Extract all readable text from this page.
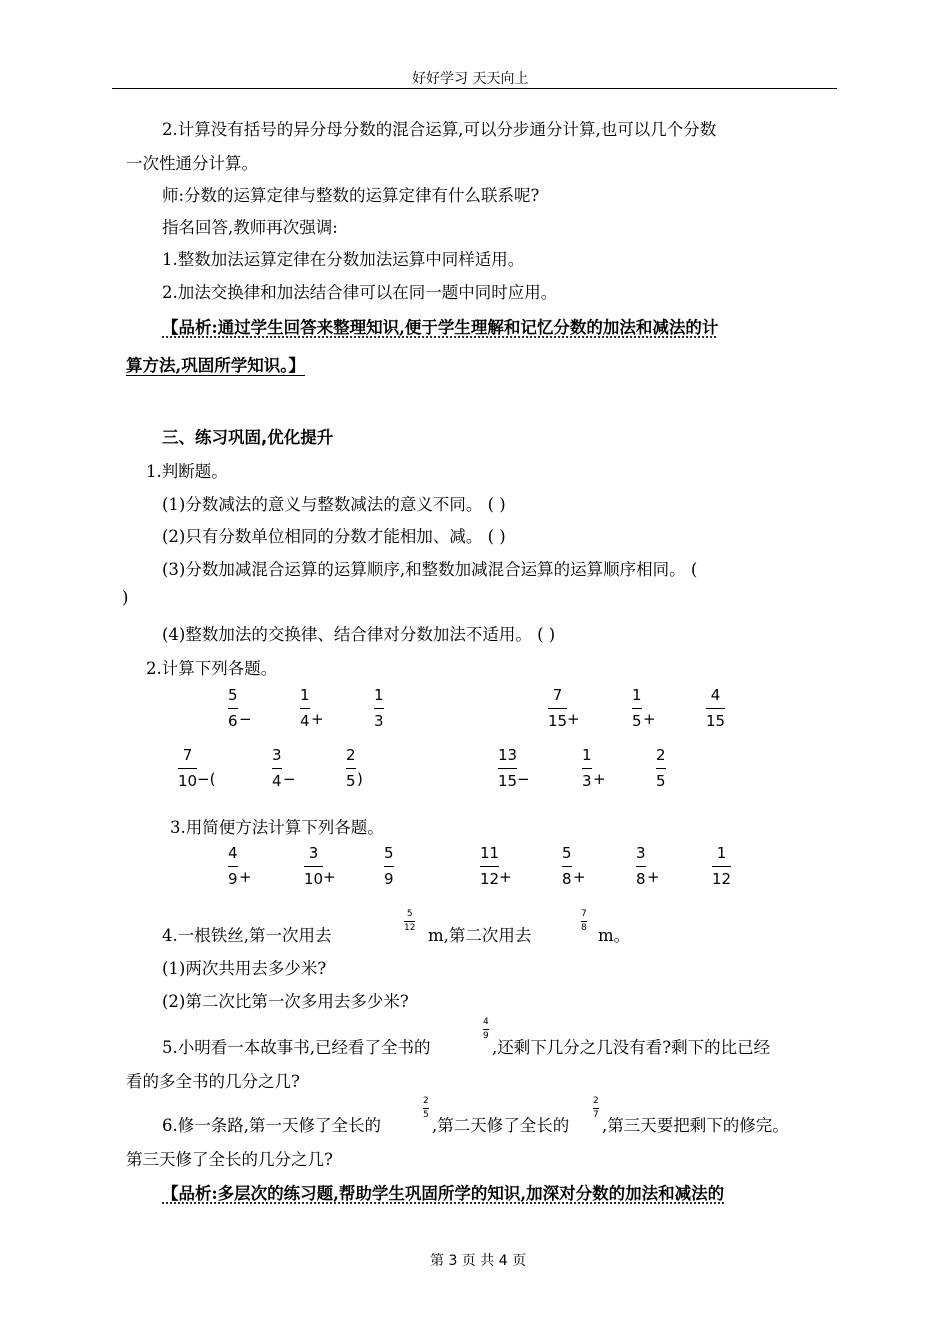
好好学习 天天向上
2.计算没有括号的异分母分数的混合运算,可以分步通分计算,也可以几个分数
一次性通分计算。
师:分数的运算定律与整数的运算定律有什么联系呢?
指名回答,教师再次强调:
1.整数加法运算定律在分数加法运算中同样适用。
2.加法交换律和加法结合律可以在同一题中同时应用。
【品析:通过学生回答来整理知识,便于学生理解和记忆分数的加法和减法的计
算方法,巩固所学知识。】
三、练习巩固,优化提升
1.判断题。
(1)分数减法的意义与整数减法的意义不同。 ( )
(2)只有分数单位相同的分数才能相加、减。 ( )
(3)分数加减混合运算的运算顺序,和整数加减混合运算的运算顺序相同。 (
)
(4)整数加法的交换律、结合律对分数加法不适用。 ( )
2.计算下列各题。
3.用简便方法计算下列各题。
4.一根铁丝,第一次用去
5
12 m,第二次用去
7
8 m。
(1)两次共用去多少米?
(2)第二次比第一次多用去多少米?
5.小明看一本故事书,已经看了全书的
4
9
,还剩下几分之几没有看?剩下的比已经
看的多全书的几分之几?
6.修一条路,第一天修了全长的
2
5
,第二天修了全长的
2
7
,第三天要把剩下的修完。
第三天修了全长的几分之几?
【品析:多层次的练习题,帮助学生巩固所学的知识,加深对分数的加法和减法的
第 3 页 共 4 页
5
6 −
1
4 +
1
3
7
15 +
1
5 +
4
15
7
10 −(
3
4 −
2
5 )
13
15 −
1
3 +
2
5
4
9 +
3
10 +
5
9
11
12 +
5
8 +
3
8 +
1
12
